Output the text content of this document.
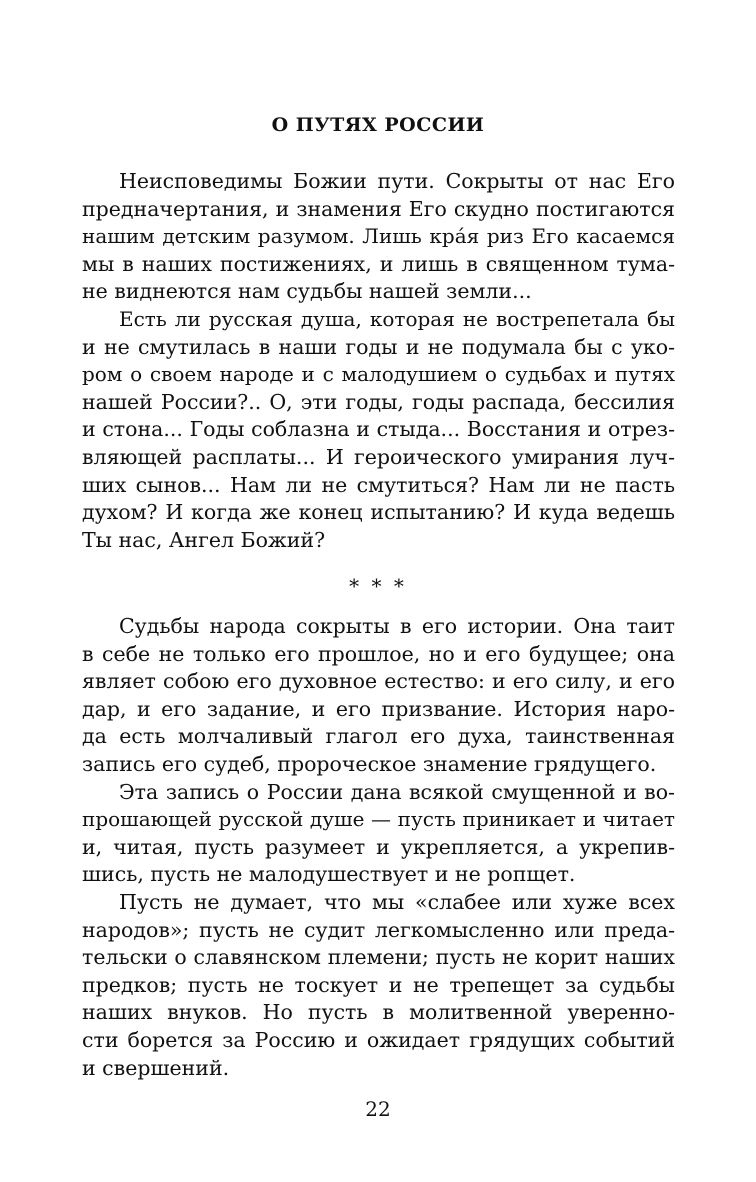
О ПУТЯХ РОССИИ
Неисповедимы Божии пути. Сокрыты от нас Его
предначертания, и знамения Его скудно постигаются
нашим детским разумом. Лишь кра́я риз Его касаемся
мы в наших постижениях, и лишь в священном тума-
не виднеются нам судьбы нашей земли...
Есть ли русская душа, которая не вострепетала бы
и не смутилась в наши годы и не подумала бы с уко-
ром о своем народе и с малодушием о судьбах и путях
нашей России?.. О, эти годы, годы распада, бессилия
и стона... Годы соблазна и стыда... Восстания и отрез-
вляющей расплаты... И героического умирания луч-
ших сынов... Нам ли не смутиться? Нам ли не пасть
духом? И когда же конец испытанию? И куда ведешь
Ты нас, Ангел Божий?
* * *
Судьбы народа сокрыты в его истории. Она таит
в себе не только его прошлое, но и его будущее; она
являет собою его духовное естество: и его силу, и его
дар, и его задание, и его призвание. История наро-
да есть молчаливый глагол его духа, таинственная
запись его судеб, пророческое знамение грядущего.
Эта запись о России дана всякой смущенной и во-
прошающей русской душе — пусть приникает и читает
и, читая, пусть разумеет и укрепляется, а укрепив-
шись, пусть не малодушествует и не ропщет.
Пусть не думает, что мы «слабее или хуже всех
народов»; пусть не судит легкомысленно или преда-
тельски о славянском племени; пусть не корит наших
предков; пусть не тоскует и не трепещет за судьбы
наших внуков. Но пусть в молитвенной уверенно-
сти борется за Россию и ожидает грядущих событий
и свершений.
22
